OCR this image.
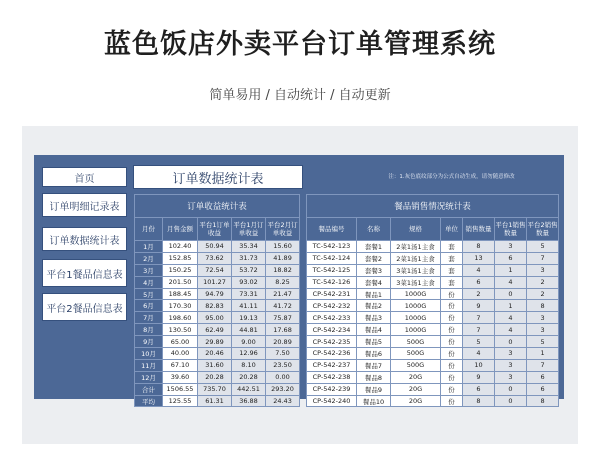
蓝色饭店外卖平台订单管理系统
简单易用 / 自动统计 / 自动更新
首页
订单明细记录表
订单数据统计表
平台1餐品信息表
平台2餐品信息表
订单数据统计表	注：1.灰色底纹部分为公式自动生成，请勿随意修改
订单收益统计表				
月份	月售金额	平台1订单收益	平台1月订单收益	平台2月订单收益
1月	102.40	50.94	35.34	15.60
2月	152.85	73.62	31.73	41.89
3月	150.25	72.54	53.72	18.82
4月	201.50	101.27	93.02	8.25
5月	188.45	94.79	73.31	21.47
6月	170.30	82.83	41.11	41.72
7月	198.60	95.00	19.13	75.87
8月	130.50	62.49	44.81	17.68
9月	65.00	29.89	9.00	20.89
10月	40.00	20.46	12.96	7.50
11月	67.10	31.60	8.10	23.50
12月	39.60	20.28	20.28	0.00
合计	1506.55	735.70	442.51	293.20
平均	125.55	61.31	36.88	24.43
餐品销售情况统计表						
餐品编号	名称	规格	单位	销售数量	平台1销售数量	平台2销售数量
TC-542-123	套餐1	2菜1汤1主食	套	8	3	5
TC-542-124	套餐2	2菜1汤1主食	套	13	6	7
TC-542-125	套餐3	3菜1汤1主食	套	4	1	3
TC-542-126	套餐4	3菜1汤1主食	套	6	4	2
CP-542-231	餐品1	1000G	份	2	0	2
CP-542-232	餐品2	1000G	份	9	1	8
CP-542-233	餐品3	1000G	份	7	4	3
CP-542-234	餐品4	1000G	份	7	4	3
CP-542-235	餐品5	500G	份	5	0	5
CP-542-236	餐品6	500G	份	4	3	1
CP-542-237	餐品7	500G	份	10	3	7
CP-542-238	餐品8	20G	份	9	3	6
CP-542-239	餐品9	20G	份	6	0	6
CP-542-240	餐品10	20G	份	8	0	8
